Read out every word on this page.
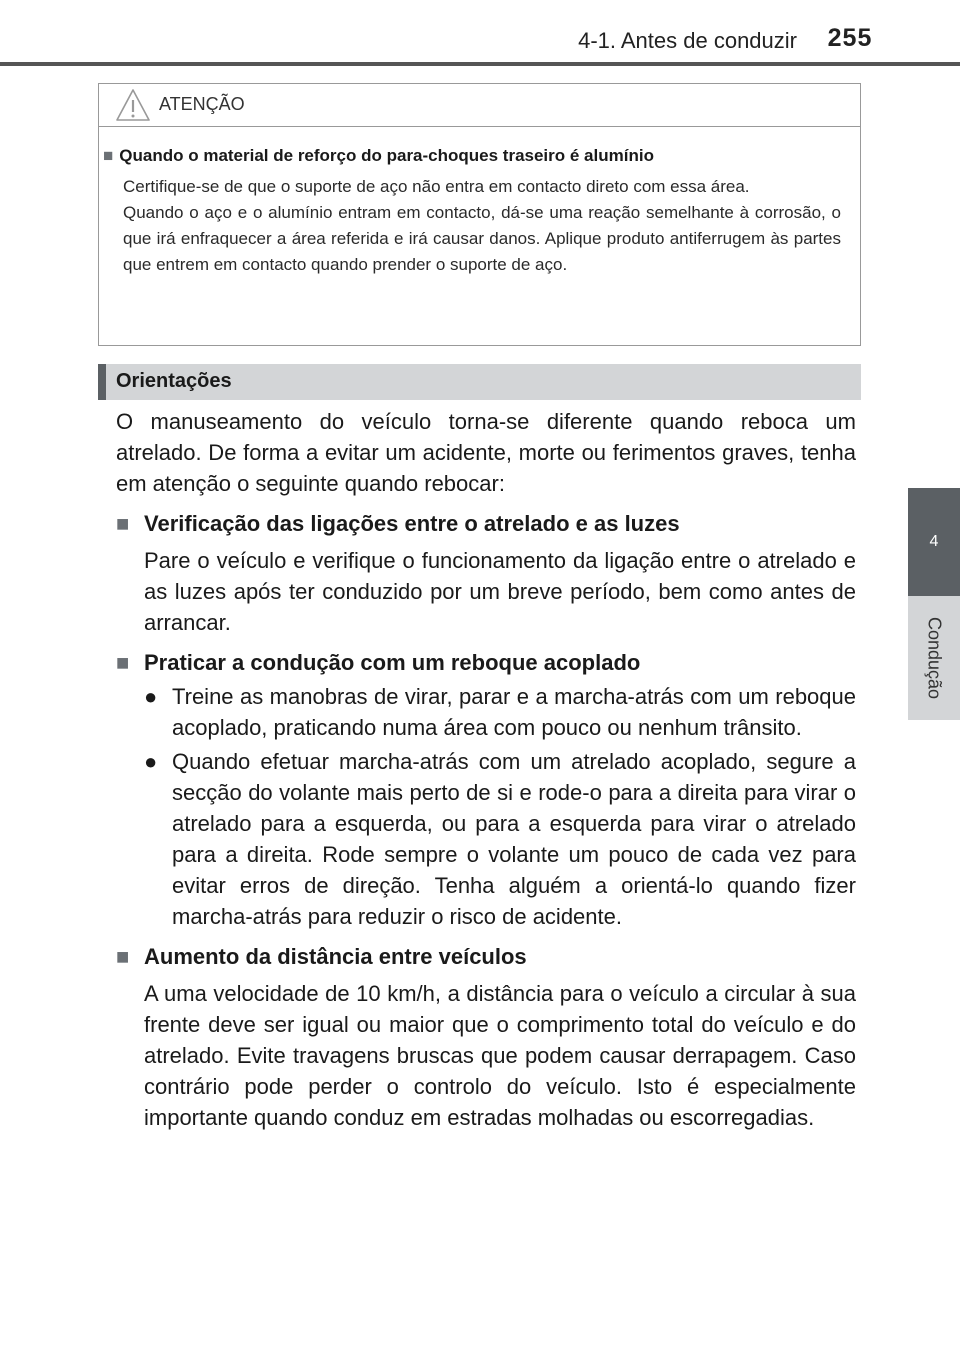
4-1. Antes de conduzir	255
4
Condução
ATENÇÃO
■ Quando o material de reforço do para-choques traseiro é alumínio

Certifique-se de que o suporte de aço não entra em contacto direto com essa área.

Quando o aço e o alumínio entram em contacto, dá-se uma reação semelhante à corrosão, o que irá enfraquecer a área referida e irá causar danos. Aplique produto antiferrugem às partes que entrem em contacto quando prender o suporte de aço.

Orientações

O manuseamento do veículo torna-se diferente quando reboca um atrelado. De forma a evitar um acidente, morte ou ferimentos graves, tenha em atenção o seguinte quando rebocar:

■ Verificação das ligações entre o atrelado e as luzes
Pare o veículo e verifique o funcionamento da ligação entre o atrelado e as luzes após ter conduzido por um breve período, bem como antes de arrancar.
■ Praticar a condução com um reboque acoplado
● Treine as manobras de virar, parar e a marcha-atrás com um reboque acoplado, praticando numa área com pouco ou nenhum trânsito.
● Quando efetuar marcha-atrás com um atrelado acoplado, segure a secção do volante mais perto de si e rode-o para a direita para virar o atrelado para a esquerda, ou para a esquerda para virar o atrelado para a direita. Rode sempre o volante um pouco de cada vez para evitar erros de direção. Tenha alguém a orientá-lo quando fizer marcha-atrás para reduzir o risco de acidente.
■ Aumento da distância entre veículos
A uma velocidade de 10 km/h, a distância para o veículo a circular à sua frente deve ser igual ou maior que o comprimento total do veículo e do atrelado. Evite travagens bruscas que podem causar derrapagem. Caso contrário pode perder o controlo do veículo. Isto é especialmente importante quando conduz em estradas molhadas ou escorregadias.
